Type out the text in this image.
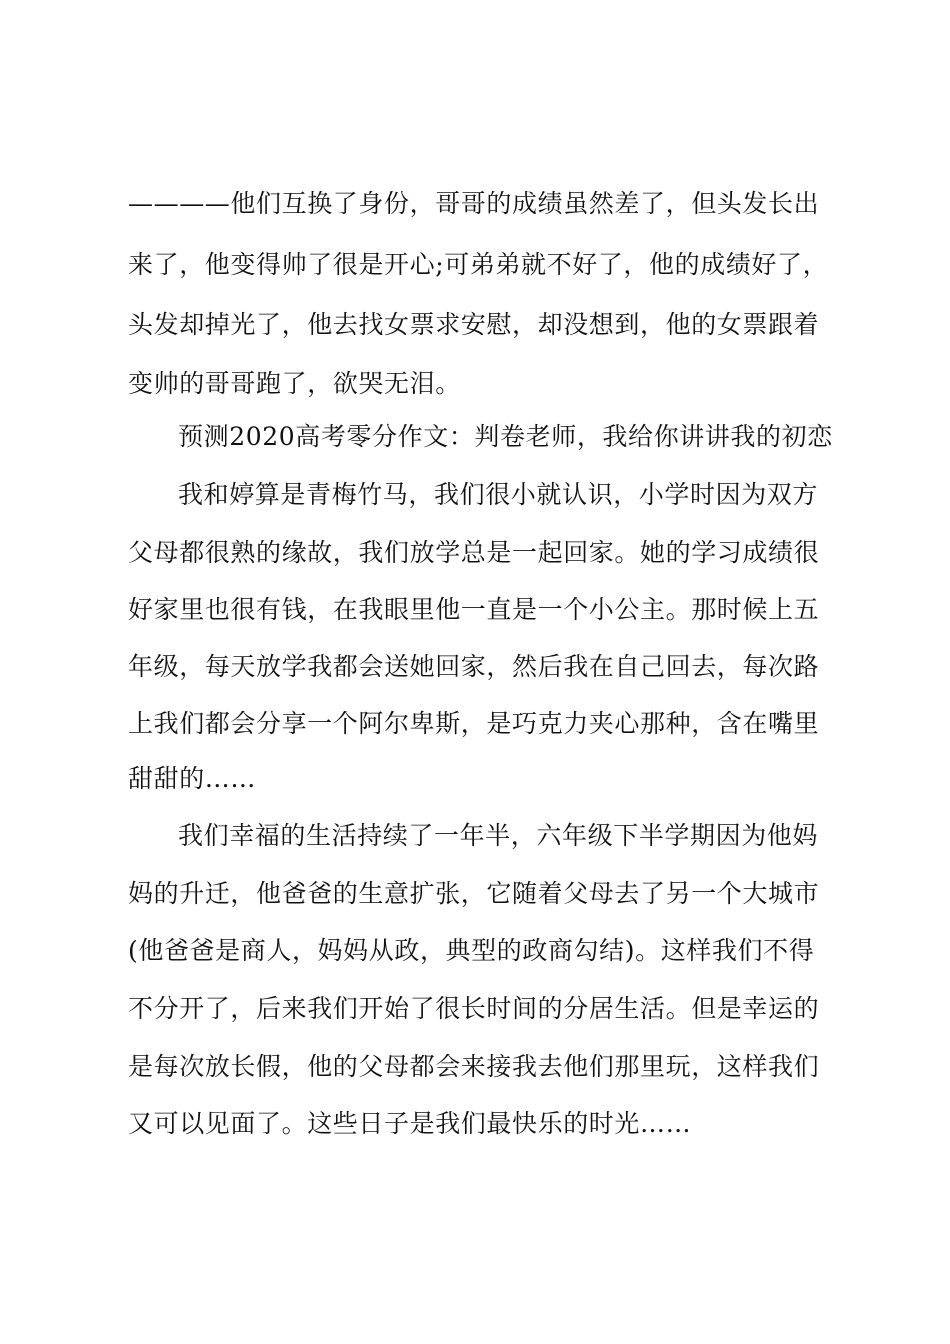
————他们互换了身份，哥哥的成绩虽然差了，但头发长出
来了，他变得帅了很是开心;可弟弟就不好了，他的成绩好了，
头发却掉光了，他去找女票求安慰，却没想到，他的女票跟着
变帅的哥哥跑了，欲哭无泪。
预测2020高考零分作文：判卷老师，我给你讲讲我的初恋
我和婷算是青梅竹马，我们很小就认识，小学时因为双方
父母都很熟的缘故，我们放学总是一起回家。她的学习成绩很
好家里也很有钱，在我眼里他一直是一个小公主。那时候上五
年级，每天放学我都会送她回家，然后我在自己回去，每次路
上我们都会分享一个阿尔卑斯，是巧克力夹心那种，含在嘴里
甜甜的……
我们幸福的生活持续了一年半，六年级下半学期因为他妈
妈的升迁，他爸爸的生意扩张，它随着父母去了另一个大城市
(他爸爸是商人，妈妈从政，典型的政商勾结)。这样我们不得
不分开了，后来我们开始了很长时间的分居生活。但是幸运的
是每次放长假，他的父母都会来接我去他们那里玩，这样我们
又可以见面了。这些日子是我们最快乐的时光……
